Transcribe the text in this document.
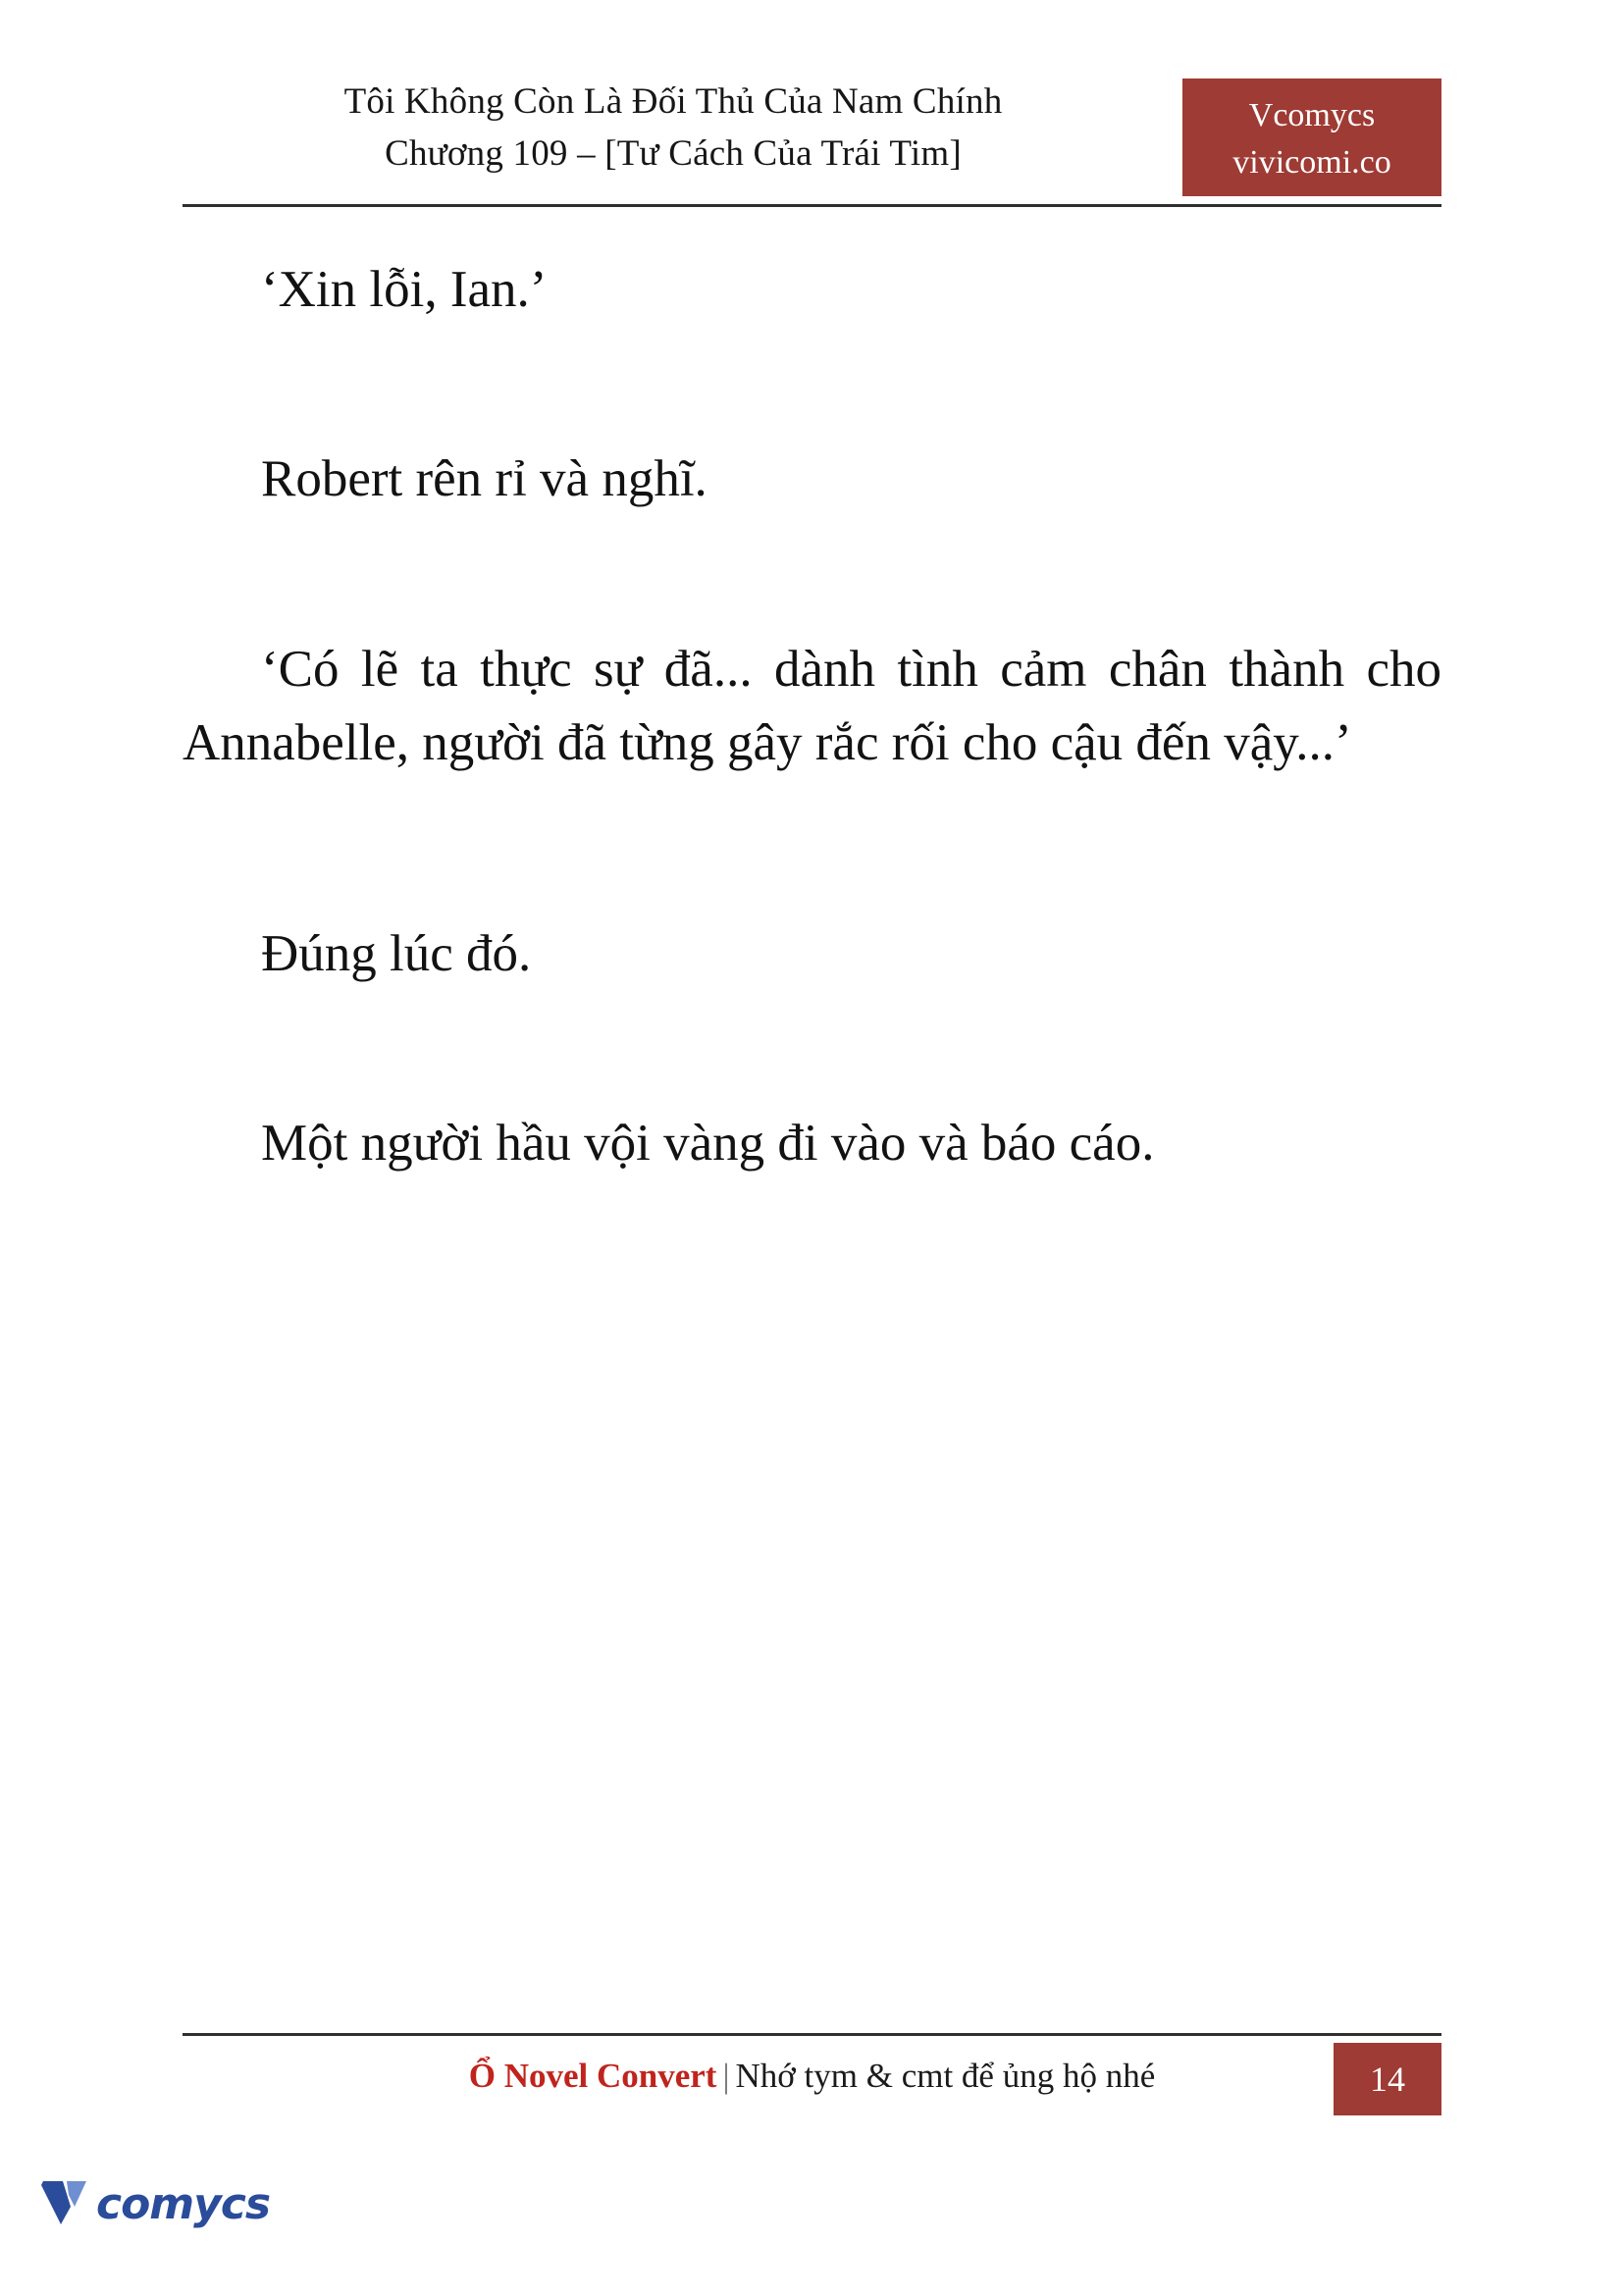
Tôi Không Còn Là Đối Thủ Của Nam Chính
Chương 109 – [Tư Cách Của Trái Tim]
Vcomycs
vivicomi.co

‘Xin lỗi, Ian.’

Robert rên rỉ và nghĩ.

‘Có lẽ ta thực sự đã... dành tình cảm chân thành cho Annabelle, người đã từng gây rắc rối cho cậu đến vậy...’

Đúng lúc đó.

Một người hầu vội vàng đi vào và báo cáo.

Ổ Novel Convert | Nhớ tym & cmt để ủng hộ nhé	14
comycs
